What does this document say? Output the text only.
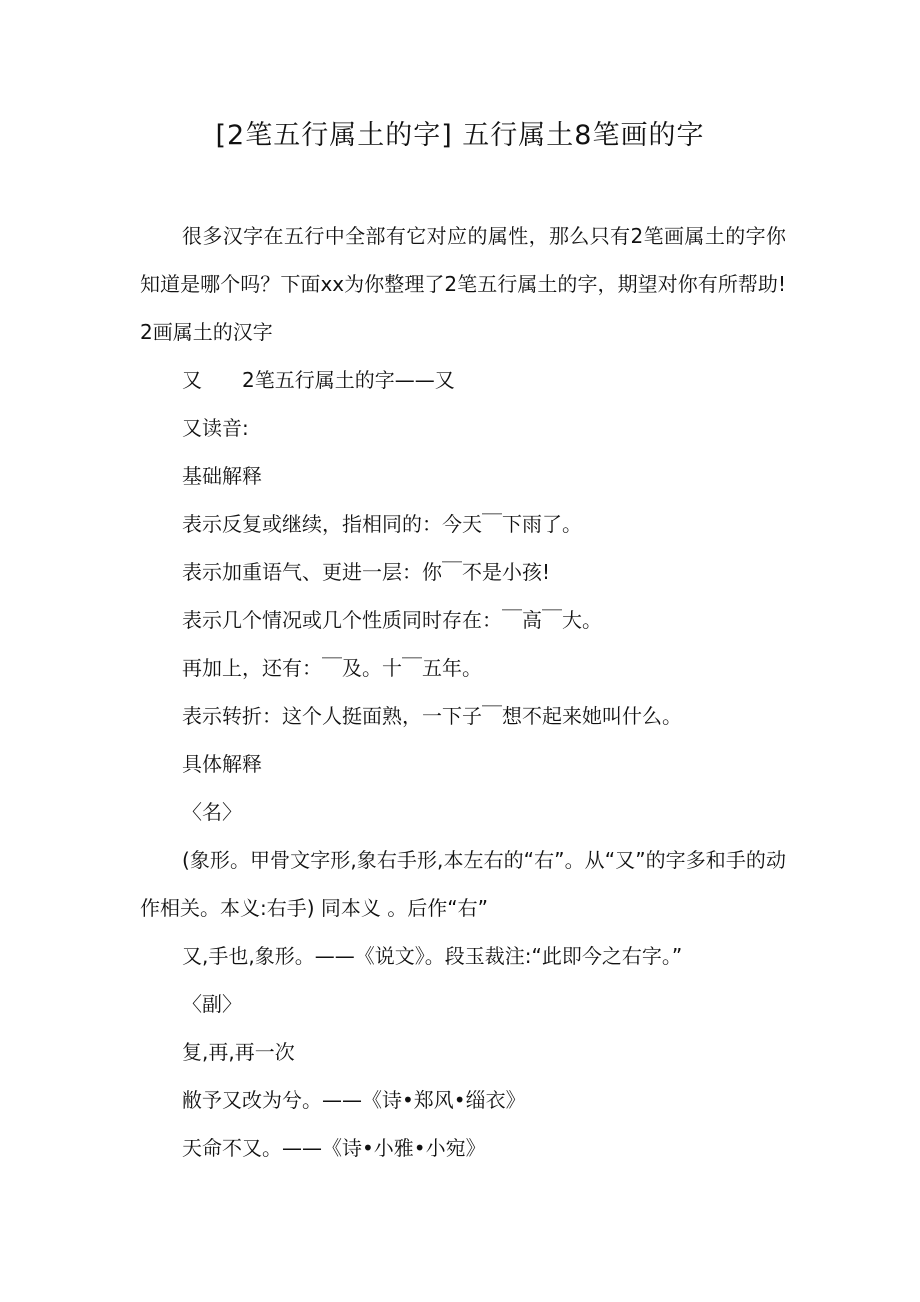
[2笔五行属土的字] 五行属土8笔画的字

很多汉字在五行中全部有它对应的属性，那么只有2笔画属土的字你知道是哪个吗？下面xx为你整理了2笔五行属土的字，期望对你有所帮助!　　2画属土的汉字

又　　2笔五行属土的字——又

又读音:

基础解释

表示反复或继续，指相同的：今天￣下雨了。

表示加重语气、更进一层：你￣不是小孩!

表示几个情况或几个性质同时存在：￣高￣大。

再加上，还有：￣及。十￣五年。

表示转折：这个人挺面熟，一下子￣想不起来她叫什么。

具体解释

〈名〉

(象形。甲骨文字形,象右手形,本左右的“右”。从“又”的字多和手的动作相关。本义:右手) 同本义 。后作“右”

又,手也,象形。——《说文》。段玉裁注:“此即今之右字。”

〈副〉

复,再,再一次

敝予又改为兮。——《诗•郑风•缁衣》

天命不又。——《诗•小雅•小宛》
